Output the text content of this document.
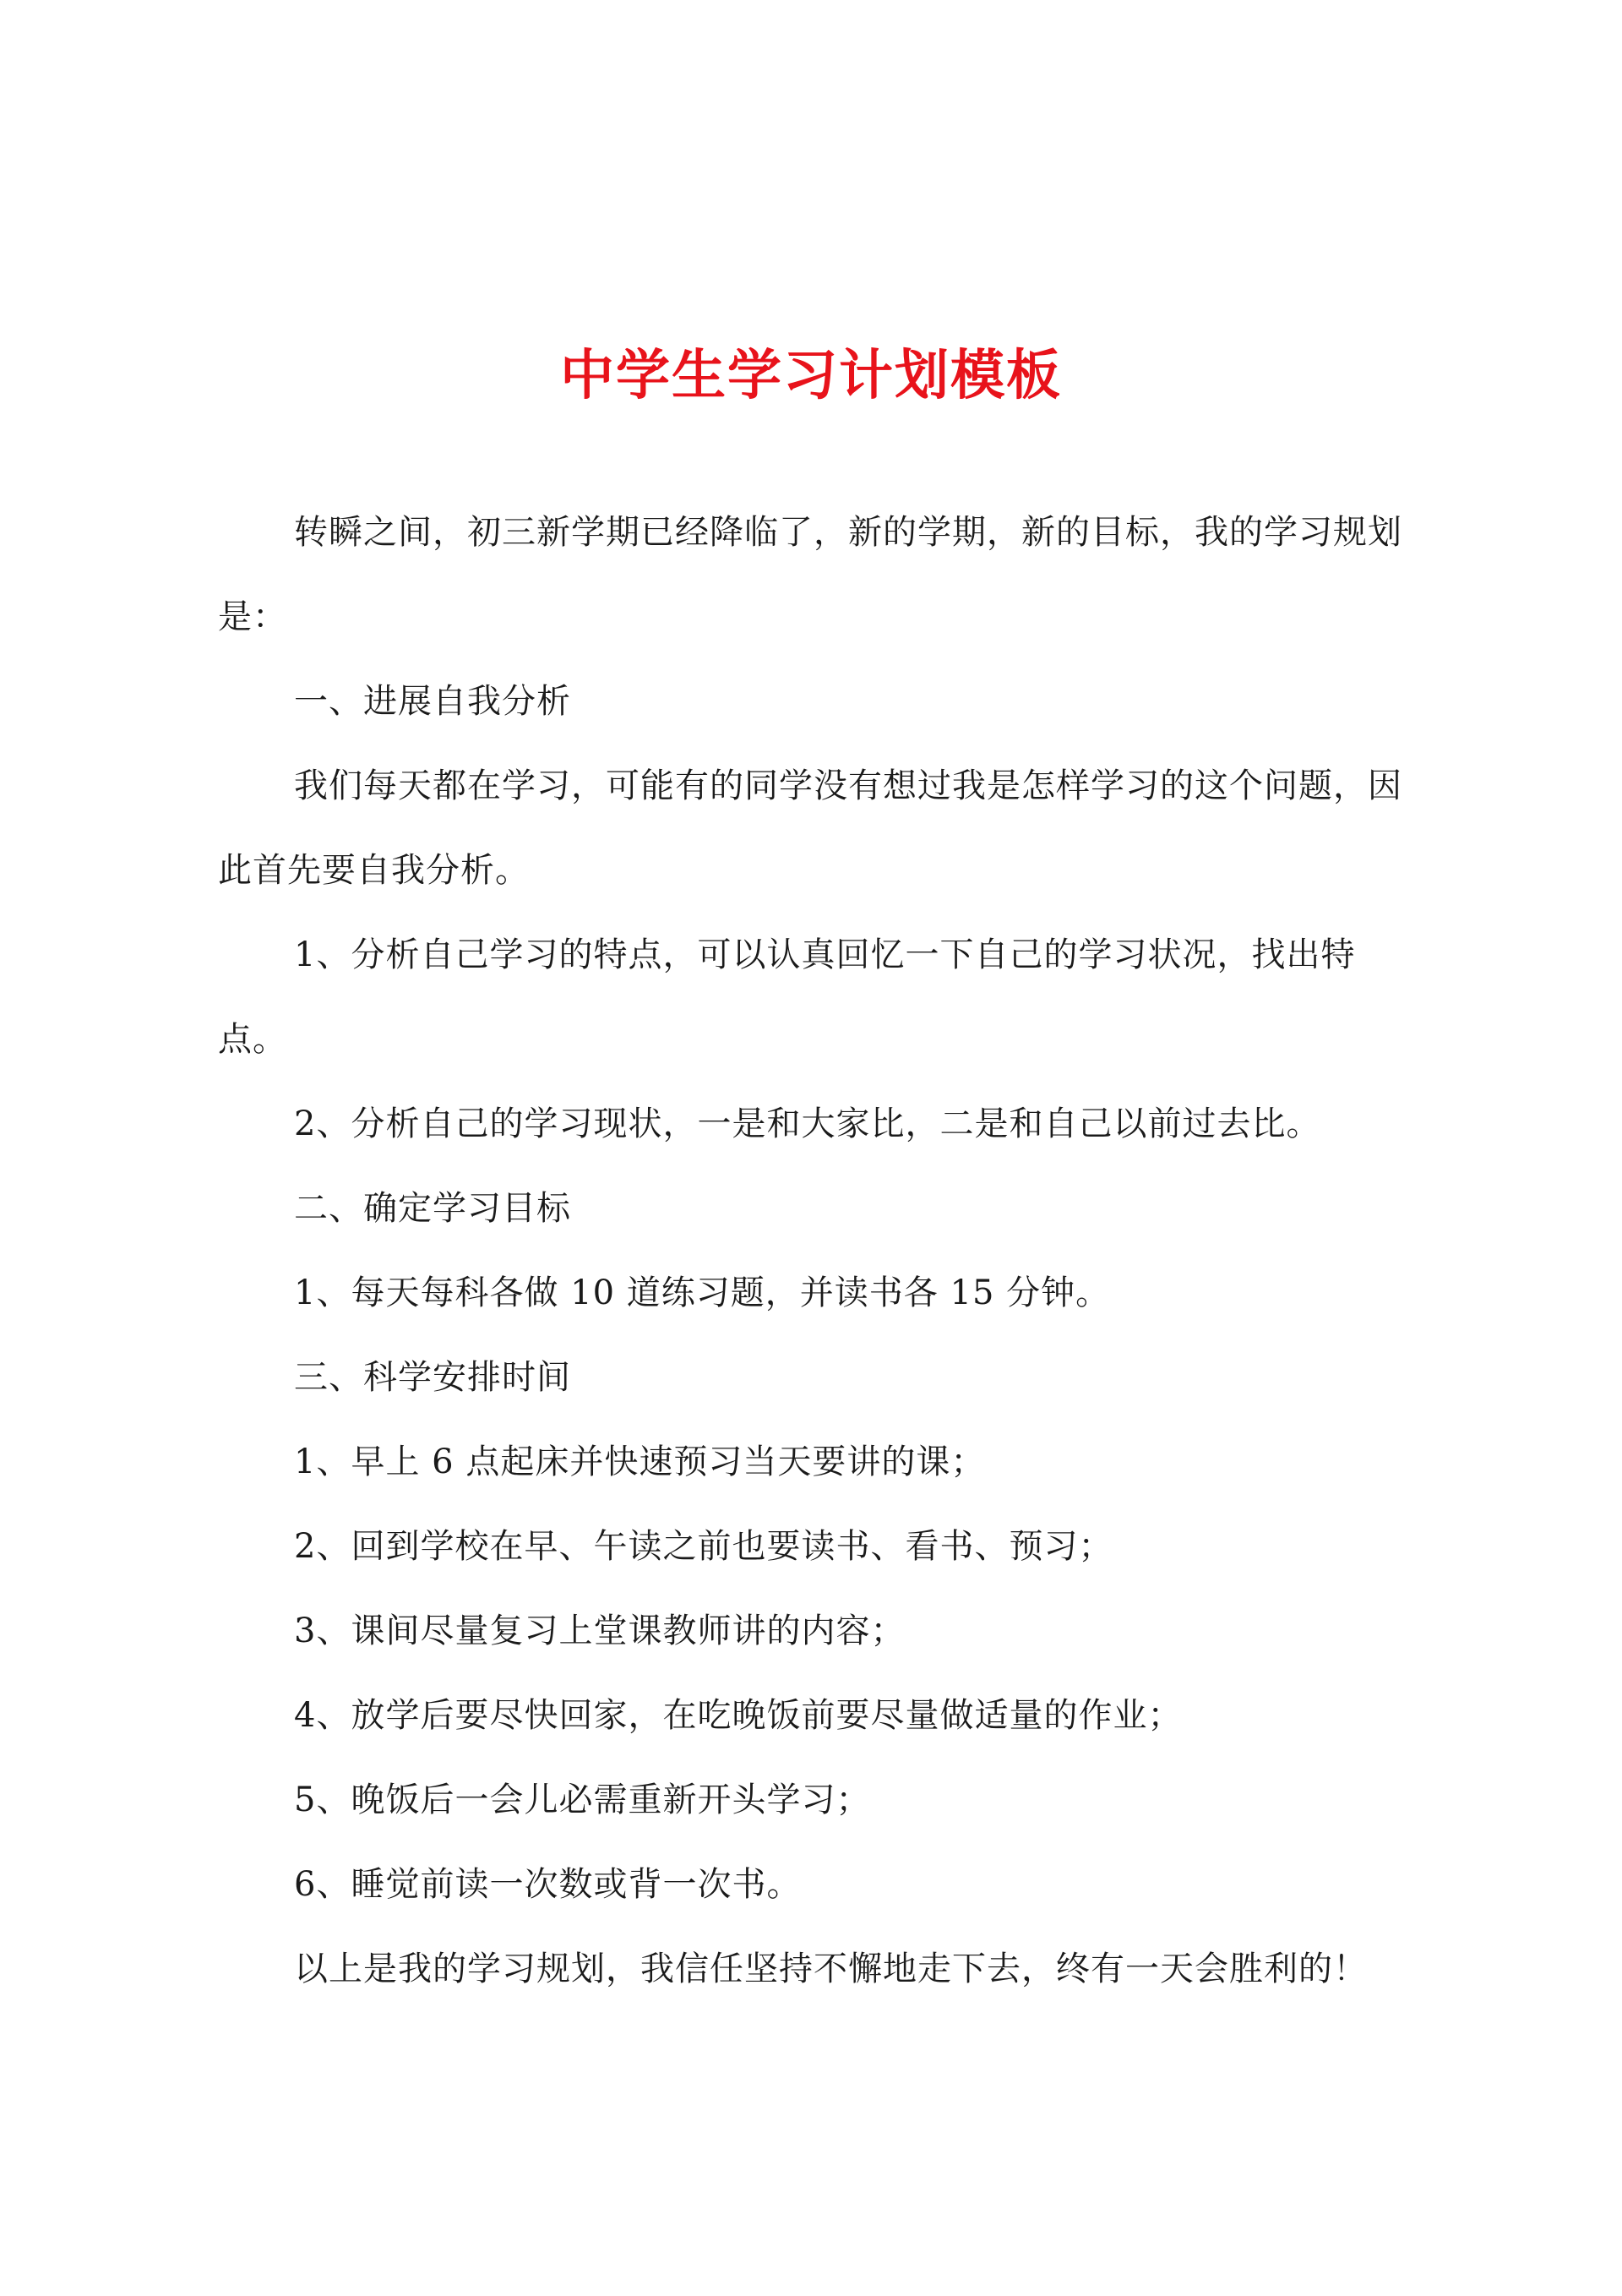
中学生学习计划模板

转瞬之间，初三新学期已经降临了，新的学期，新的目标，我的学习规划是：

一、进展自我分析

我们每天都在学习，可能有的同学没有想过我是怎样学习的这个问题，因此首先要自我分析。

1、分析自己学习的特点，可以认真回忆一下自己的学习状况，找出特点。

2、分析自己的学习现状，一是和大家比，二是和自己以前过去比。

二、确定学习目标

1、每天每科各做 10 道练习题，并读书各 15 分钟。

三、科学安排时间

1、早上 6 点起床并快速预习当天要讲的课；

2、回到学校在早、午读之前也要读书、看书、预习；

3、课间尽量复习上堂课教师讲的内容；

4、放学后要尽快回家，在吃晚饭前要尽量做适量的作业；

5、晚饭后一会儿必需重新开头学习；

6、睡觉前读一次数或背一次书。

以上是我的学习规划，我信任坚持不懈地走下去，终有一天会胜利的！
